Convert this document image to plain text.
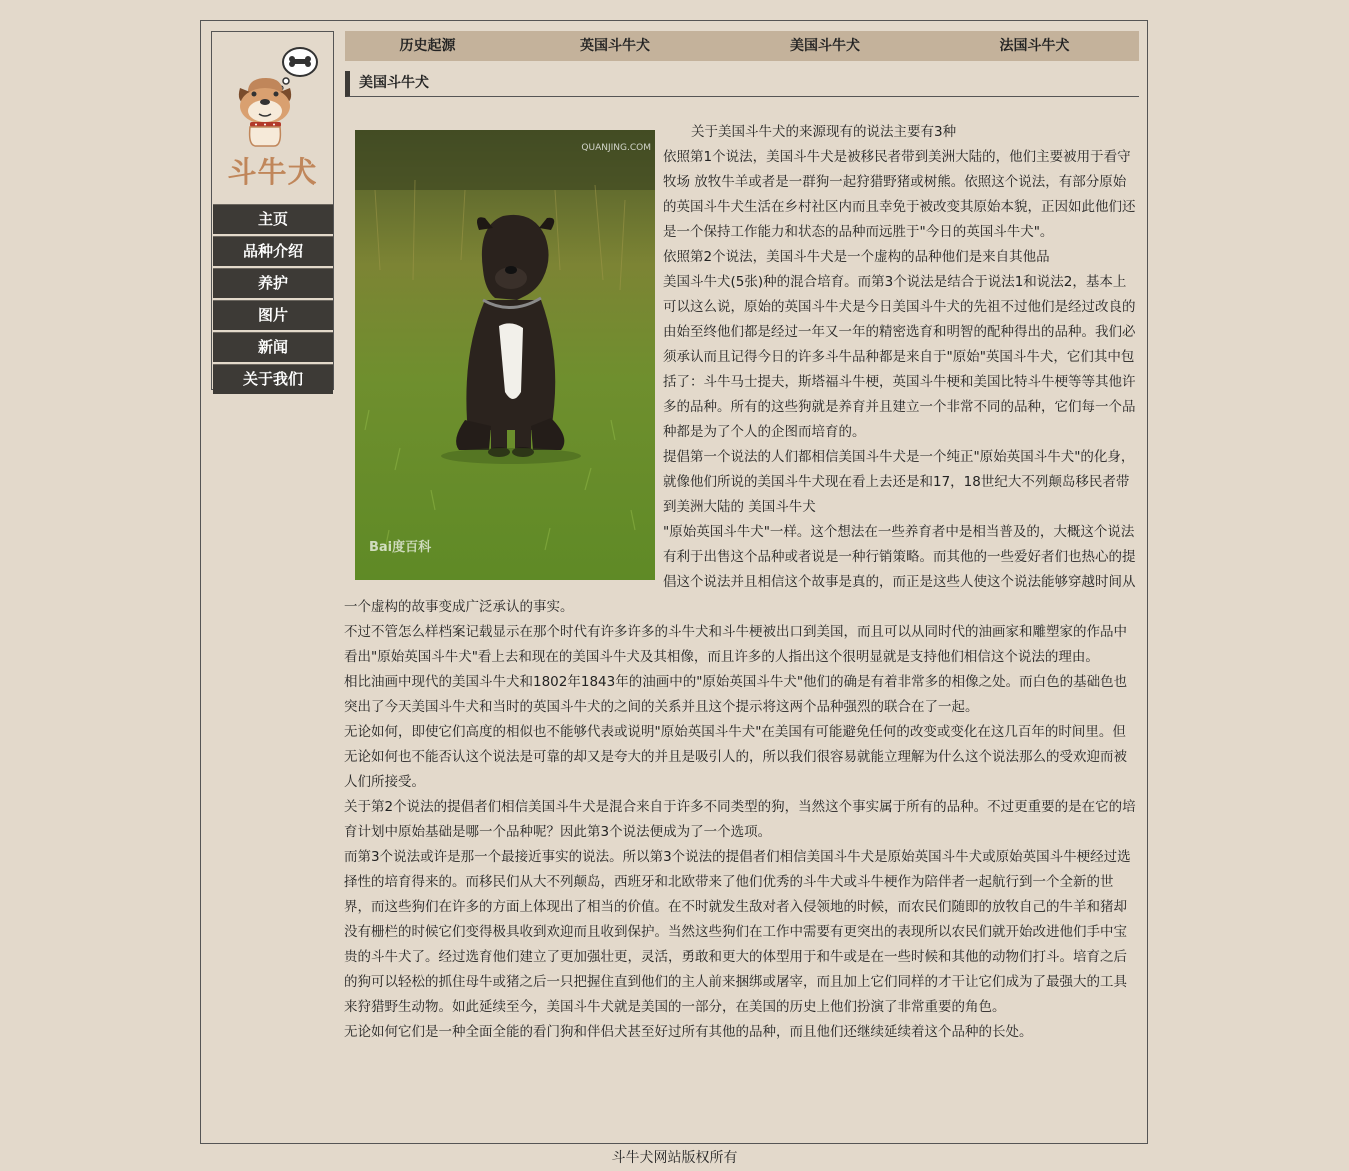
斗牛犬
主页
品种介绍
养护
图片
新闻
关于我们
历史起源	英国斗牛犬	美国斗牛犬	法国斗牛犬
美国斗牛犬
QUANJING.COM
Bai度百科

关于美国斗牛犬的来源现有的说法主要有3种

依照第1个说法，美国斗牛犬是被移民者带到美洲大陆的，他们主要被用于看守牧场 放牧牛羊或者是一群狗一起狩猎野猪或树熊。依照这个说法，有部分原始的英国斗牛犬生活在乡村社区内而且幸免于被改变其原始本貌，正因如此他们还是一个保持工作能力和状态的品种而远胜于"今日的英国斗牛犬"。

依照第2个说法，美国斗牛犬是一个虚构的品种他们是来自其他品

美国斗牛犬(5张)种的混合培育。而第3个说法是结合于说法1和说法2，基本上可以这么说，原始的英国斗牛犬是今日美国斗牛犬的先祖不过他们是经过改良的由始至终他们都是经过一年又一年的精密选育和明智的配种得出的品种。我们必须承认而且记得今日的许多斗牛品种都是来自于"原始"英国斗牛犬，它们其中包括了：斗牛马士提夫，斯塔福斗牛梗，英国斗牛梗和美国比特斗牛梗等等其他许多的品种。所有的这些狗就是养育并且建立一个非常不同的品种，它们每一个品种都是为了个人的企图而培育的。

提倡第一个说法的人们都相信美国斗牛犬是一个纯正"原始英国斗牛犬"的化身，就像他们所说的美国斗牛犬现在看上去还是和17，18世纪大不列颠岛移民者带到美洲大陆的 美国斗牛犬

"原始英国斗牛犬"一样。这个想法在一些养育者中是相当普及的，大概这个说法有利于出售这个品种或者说是一种行销策略。而其他的一些爱好者们也热心的提倡这个说法并且相信这个故事是真的，而正是这些人使这个说法能够穿越时间从一个虚构的故事变成广泛承认的事实。

不过不管怎么样档案记载显示在那个时代有许多许多的斗牛犬和斗牛梗被出口到美国，而且可以从同时代的油画家和雕塑家的作品中看出"原始英国斗牛犬"看上去和现在的美国斗牛犬及其相像，而且许多的人指出这个很明显就是支持他们相信这个说法的理由。

相比油画中现代的美国斗牛犬和1802年1843年的油画中的"原始英国斗牛犬"他们的确是有着非常多的相像之处。而白色的基础色也突出了今天美国斗牛犬和当时的英国斗牛犬的之间的关系并且这个提示将这两个品种强烈的联合在了一起。

无论如何，即使它们高度的相似也不能够代表或说明"原始英国斗牛犬"在美国有可能避免任何的改变或变化在这几百年的时间里。但无论如何也不能否认这个说法是可靠的却又是夸大的并且是吸引人的，所以我们很容易就能立理解为什么这个说法那么的受欢迎而被人们所接受。

关于第2个说法的提倡者们相信美国斗牛犬是混合来自于许多不同类型的狗，当然这个事实属于所有的品种。不过更重要的是在它的培育计划中原始基础是哪一个品种呢？因此第3个说法便成为了一个选项。

而第3个说法或许是那一个最接近事实的说法。所以第3个说法的提倡者们相信美国斗牛犬是原始英国斗牛犬或原始英国斗牛梗经过选择性的培育得来的。而移民们从大不列颠岛，西班牙和北欧带来了他们优秀的斗牛犬或斗牛梗作为陪伴者一起航行到一个全新的世界，而这些狗们在许多的方面上体现出了相当的价值。在不时就发生敌对者入侵领地的时候，而农民们随即的放牧自己的牛羊和猪却没有栅栏的时候它们变得极具收到欢迎而且收到保护。当然这些狗们在工作中需要有更突出的表现所以农民们就开始改进他们手中宝贵的斗牛犬了。经过选育他们建立了更加强壮更，灵活，勇敢和更大的体型用于和牛或是在一些时候和其他的动物们打斗。培育之后的狗可以轻松的抓住母牛或猪之后一只把握住直到他们的主人前来捆绑或屠宰，而且加上它们同样的才干让它们成为了最强大的工具来狩猎野生动物。如此延续至今，美国斗牛犬就是美国的一部分，在美国的历史上他们扮演了非常重要的角色。

无论如何它们是一种全面全能的看门狗和伴侣犬甚至好过所有其他的品种，而且他们还继续延续着这个品种的长处。

斗牛犬网站版权所有
